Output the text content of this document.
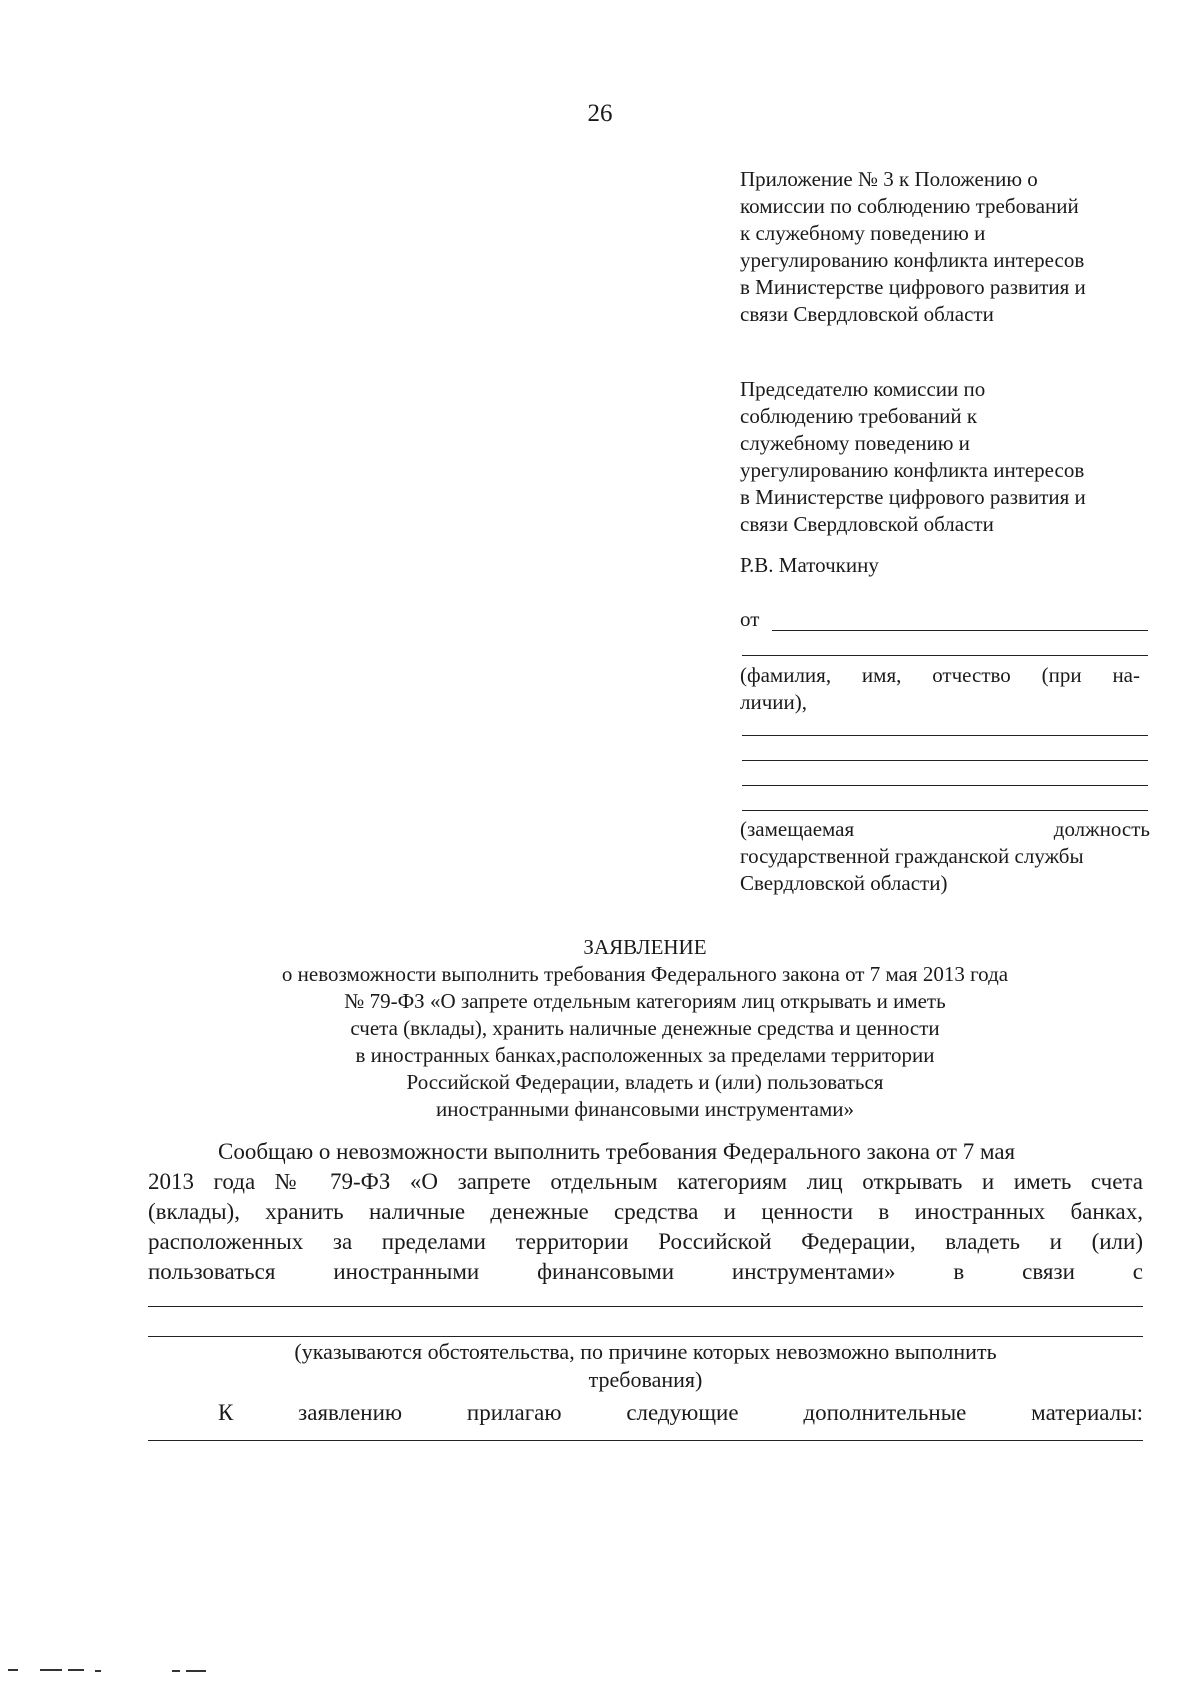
26
Приложение № 3 к Положению о
комиссии по соблюдению требований
к служебному поведению и
урегулированию конфликта интересов
в Министерстве цифрового развития и
связи Свердловской области
Председателю комиссии по
соблюдению требований к
служебному поведению и
урегулированию конфликта интересов
в Министерстве цифрового развития и
связи Свердловской области
Р.В. Маточкину
от
(фамилия, имя, отчество (при на-
личии),
(замещаемая должность
государственной гражданской службы
Свердловской области)
ЗАЯВЛЕНИЕ
о невозможности выполнить требования Федерального закона от 7 мая 2013 года
№ 79-ФЗ «О запрете отдельным категориям лиц открывать и иметь
счета (вклады), хранить наличные денежные средства и ценности
в иностранных банках,расположенных за пределами территории
Российской Федерации, владеть и (или) пользоваться
иностранными финансовыми инструментами»
Сообщаю о невозможности выполнить требования Федерального закона от 7 мая
2013 года № 79-ФЗ «О запрете отдельным категориям лиц открывать и иметь счета
(вклады), хранить наличные денежные средства и ценности в иностранных банках,
расположенных за пределами территории Российской Федерации, владеть и (или)
пользоваться иностранными финансовыми инструментами» в связи с
(указываются обстоятельства, по причине которых невозможно выполнить
требования)
К заявлению прилагаю следующие дополнительные материалы:
